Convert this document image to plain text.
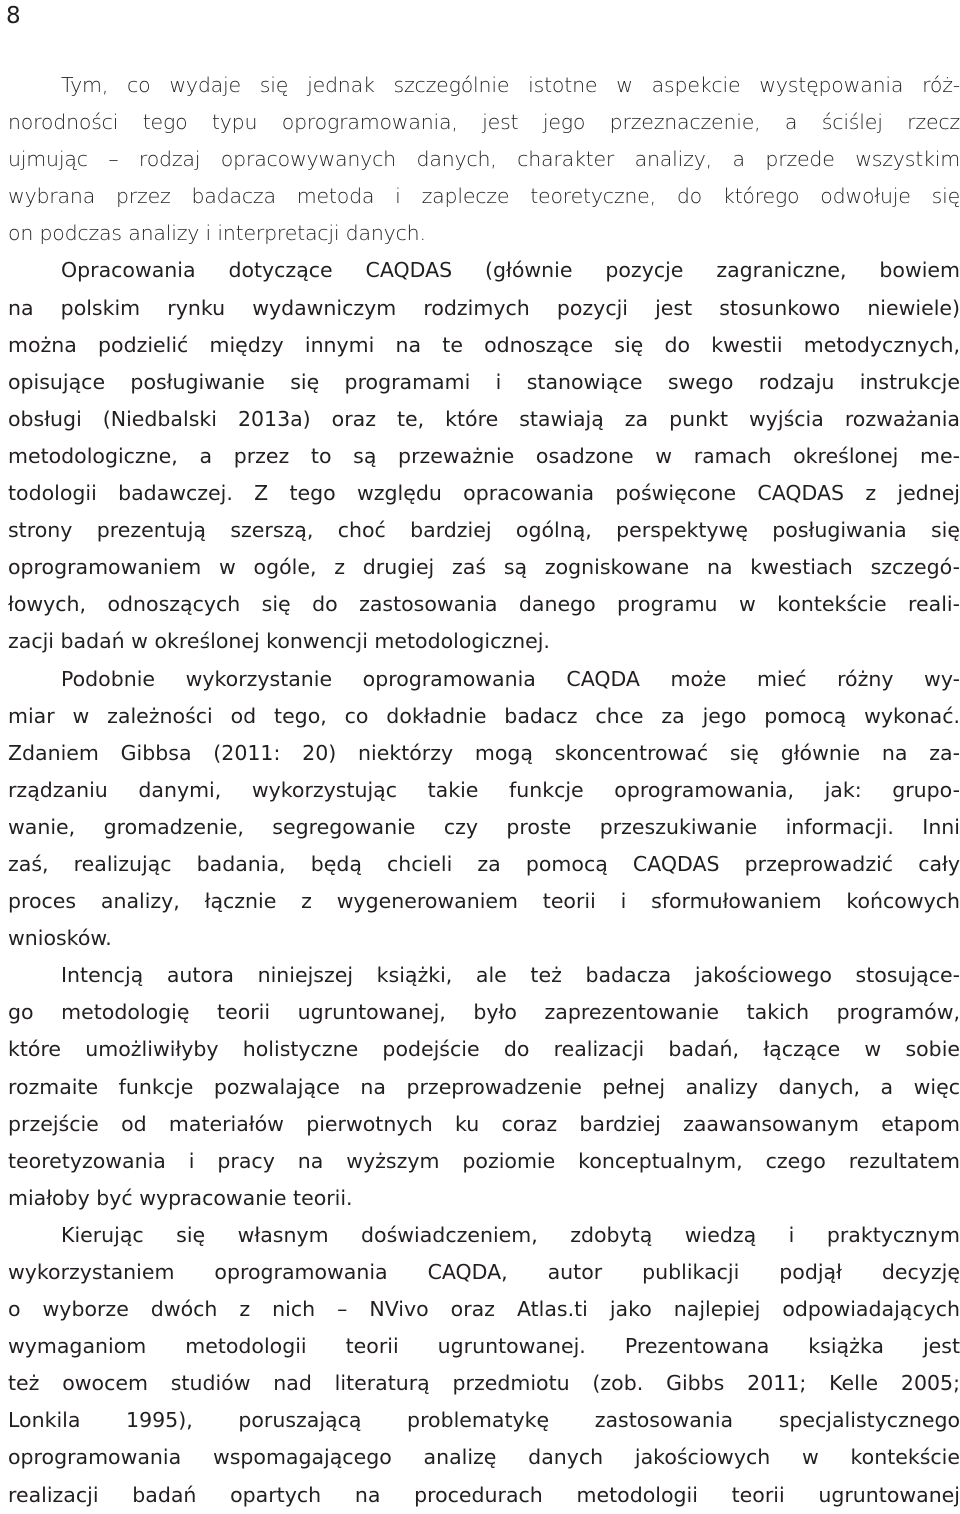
8
Tym, co wydaje się jednak szczególnie istotne w aspekcie występowania róż-
norodności tego typu oprogramowania, jest jego przeznaczenie, a ściślej rzecz
ujmując – rodzaj opracowywanych danych, charakter analizy, a przede wszystkim
wybrana przez badacza metoda i zaplecze teoretyczne, do którego odwołuje się
on podczas analizy i interpretacji danych.
Opracowania dotyczące CAQDAS (głównie pozycje zagraniczne, bowiem
na polskim rynku wydawniczym rodzimych pozycji jest stosunkowo niewiele)
można podzielić między innymi na te odnoszące się do kwestii metodycznych,
opisujące posługiwanie się programami i stanowiące swego rodzaju instrukcje
obsługi (Niedbalski 2013a) oraz te, które stawiają za punkt wyjścia rozważania
metodologiczne, a przez to są przeważnie osadzone w ramach określonej me-
todologii badawczej. Z tego względu opracowania poświęcone CAQDAS z jednej
strony prezentują szerszą, choć bardziej ogólną, perspektywę posługiwania się
oprogramowaniem w ogóle, z drugiej zaś są zogniskowane na kwestiach szczegó-
łowych, odnoszących się do zastosowania danego programu w kontekście reali-
zacji badań w określonej konwencji metodologicznej.
Podobnie wykorzystanie oprogramowania CAQDA może mieć różny wy-
miar w zależności od tego, co dokładnie badacz chce za jego pomocą wykonać.
Zdaniem Gibbsa (2011: 20) niektórzy mogą skoncentrować się głównie na za-
rządzaniu danymi, wykorzystując takie funkcje oprogramowania, jak: grupo-
wanie, gromadzenie, segregowanie czy proste przeszukiwanie informacji. Inni
zaś, realizując badania, będą chcieli za pomocą CAQDAS przeprowadzić cały
proces analizy, łącznie z wygenerowaniem teorii i sformułowaniem końcowych
wniosków.
Intencją autora niniejszej książki, ale też badacza jakościowego stosujące-
go metodologię teorii ugruntowanej, było zaprezentowanie takich programów,
które umożliwiłyby holistyczne podejście do realizacji badań, łączące w sobie
rozmaite funkcje pozwalające na przeprowadzenie pełnej analizy danych, a więc
przejście od materiałów pierwotnych ku coraz bardziej zaawansowanym etapom
teoretyzowania i pracy na wyższym poziomie konceptualnym, czego rezultatem
miałoby być wypracowanie teorii.
Kierując się własnym doświadczeniem, zdobytą wiedzą i praktycznym
wykorzystaniem oprogramowania CAQDA, autor publikacji podjął decyzję
o wyborze dwóch z nich – NVivo oraz Atlas.ti jako najlepiej odpowiadających
wymaganiom metodologii teorii ugruntowanej. Prezentowana książka jest
też owocem studiów nad literaturą przedmiotu (zob. Gibbs 2011; Kelle 2005;
Lonkila 1995), poruszającą problematykę zastosowania specjalistycznego
oprogramowania wspomagającego analizę danych jakościowych w kontekście
realizacji badań opartych na procedurach metodologii teorii ugruntowanej
